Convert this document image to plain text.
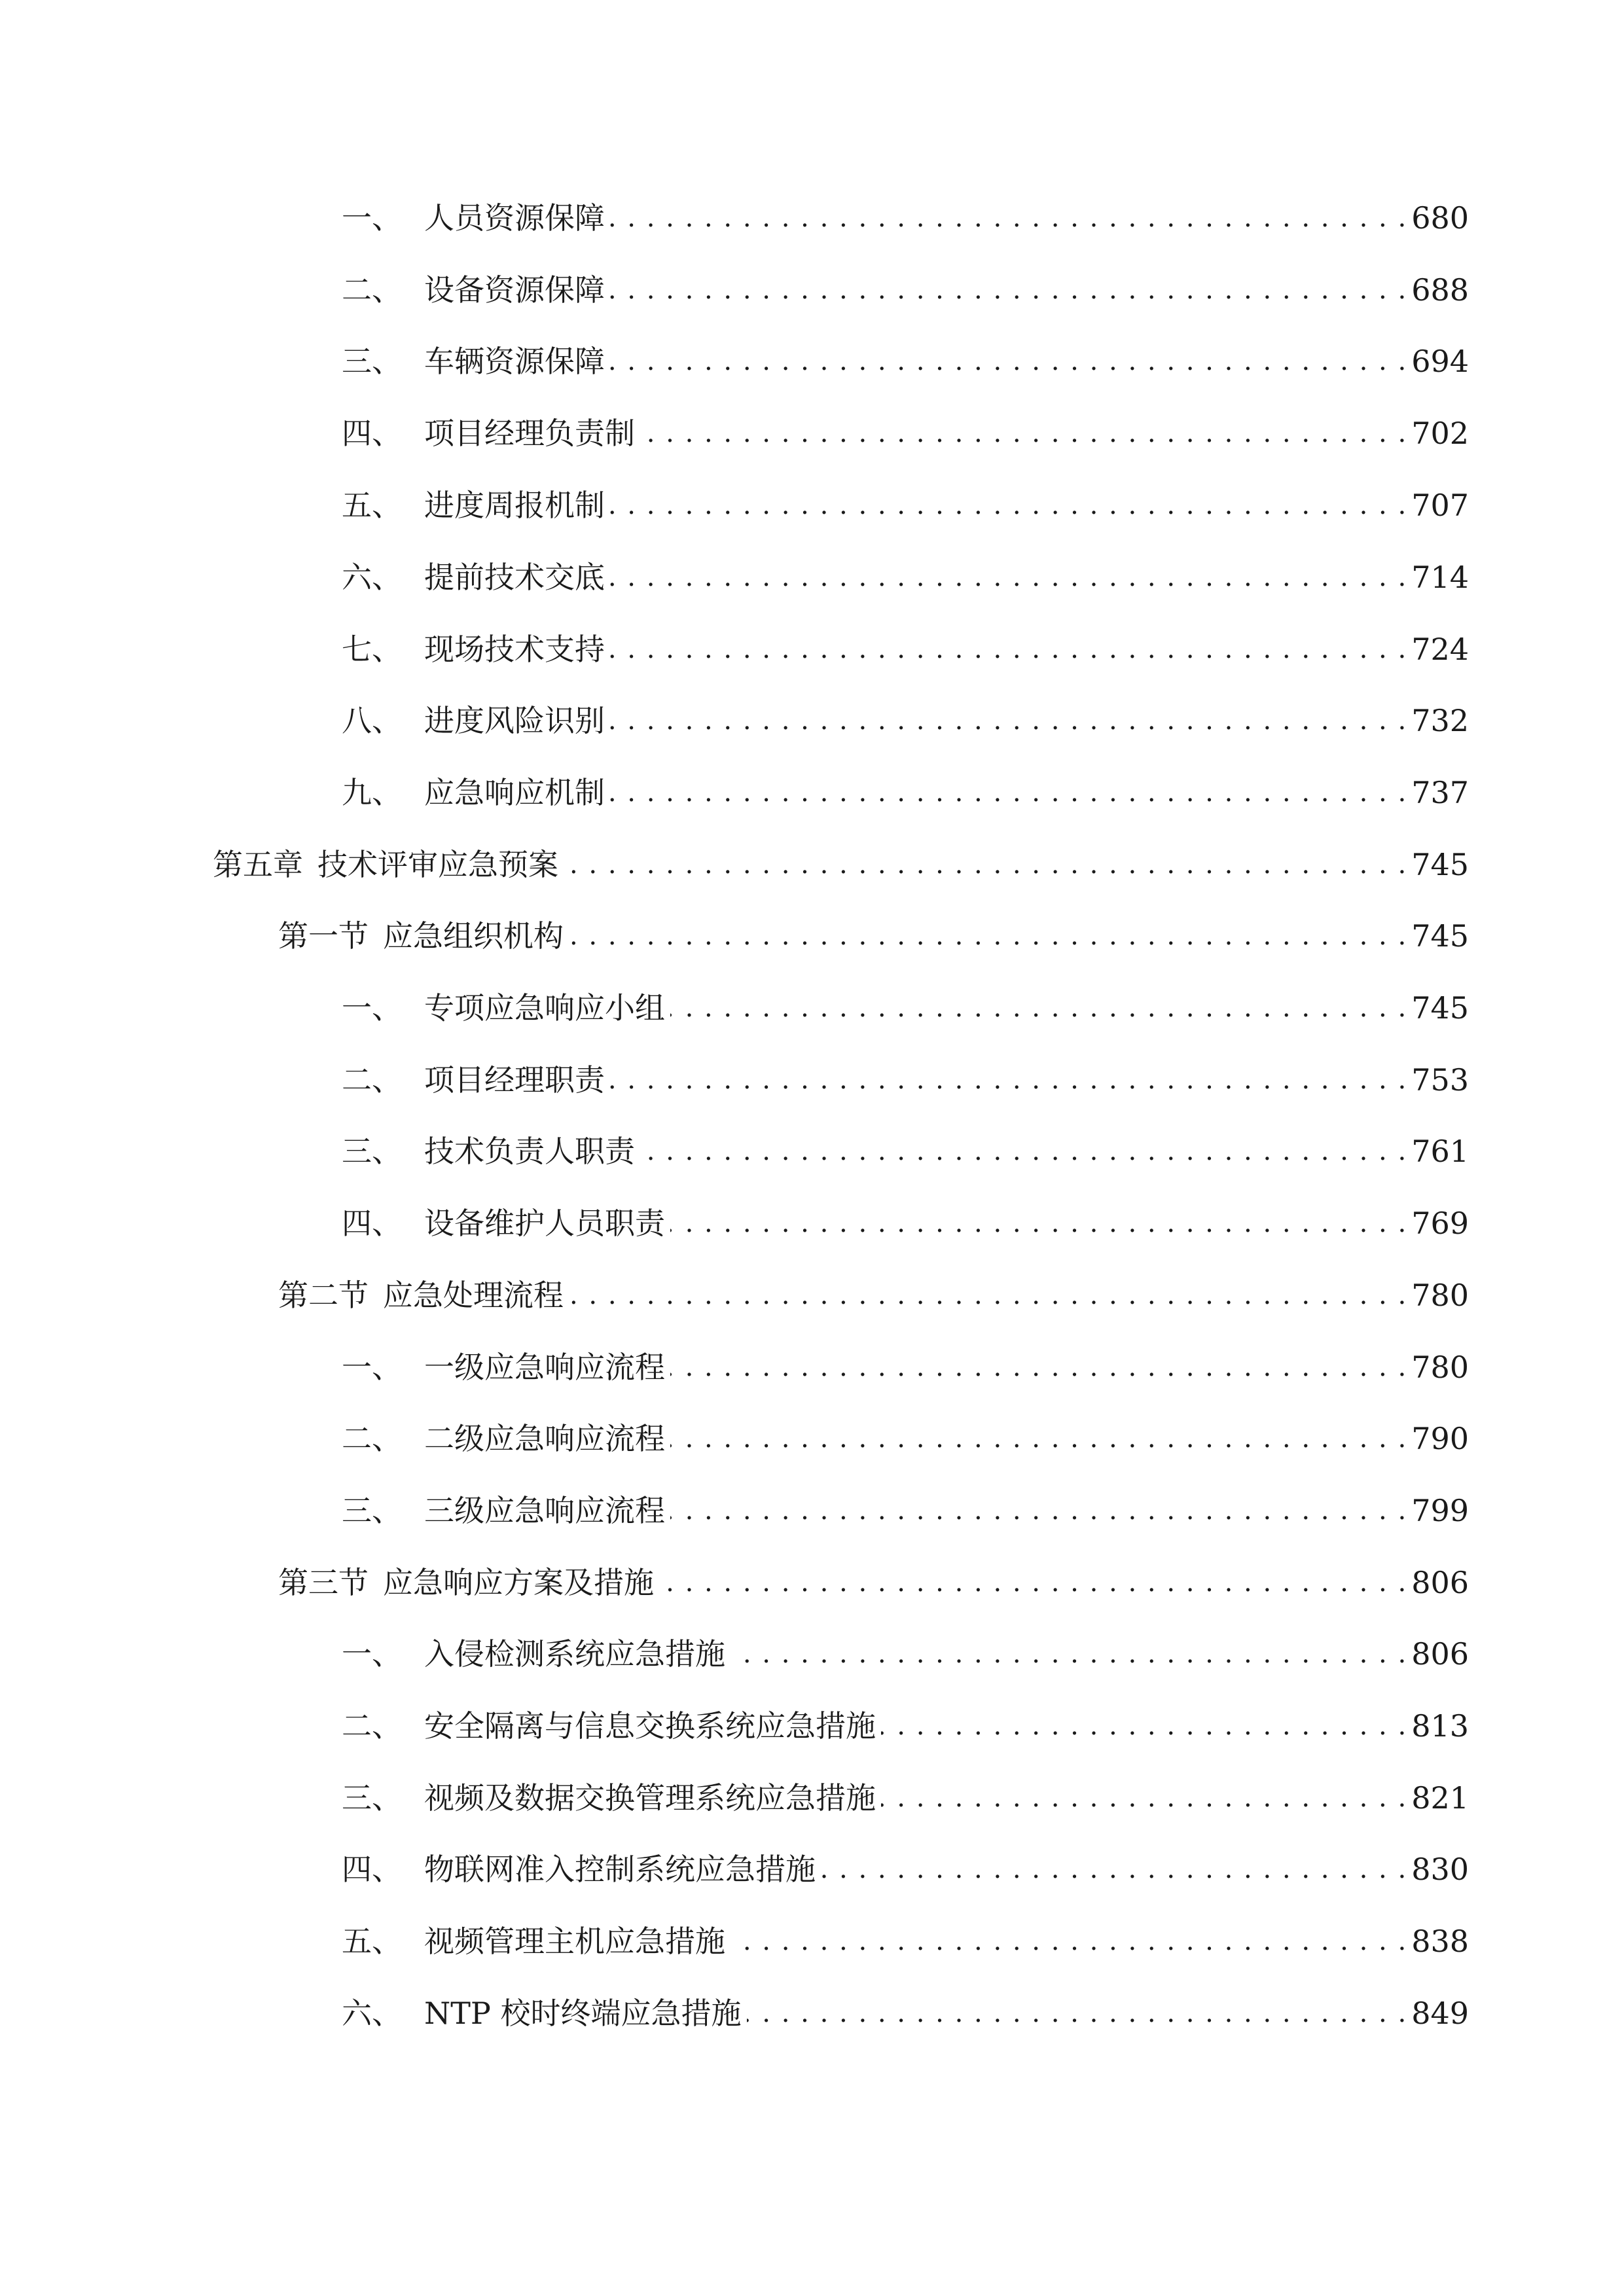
一、 人员资源保障 . . .	680
二、 设备资源保障 . . .	688
三、 车辆资源保障 . . .	694
四、 项目经理负责制 . . .	702
五、 进度周报机制 . . .	707
六、 提前技术交底 . . .	714
七、 现场技术支持 . . .	724
八、 进度风险识别 . . .	732
九、 应急响应机制 . . .	737
第五章 技术评审应急预案 . . .	745
第一节 应急组织机构 . . .	745
一、 专项应急响应小组 . . .	745
二、 项目经理职责 . . .	753
三、 技术负责人职责 . . .	761
四、 设备维护人员职责 . . .	769
第二节 应急处理流程 . . .	780
一、 一级应急响应流程 . . .	780
二、 二级应急响应流程 . . .	790
三、 三级应急响应流程 . . .	799
第三节 应急响应方案及措施 . . .	806
一、 入侵检测系统应急措施 . . .	806
二、 安全隔离与信息交换系统应急措施 . . .	813
三、 视频及数据交换管理系统应急措施 . . .	821
四、 物联网准入控制系统应急措施 . . .	830
五、 视频管理主机应急措施 . . .	838
六、 NTP 校时终端应急措施 . . .	849
